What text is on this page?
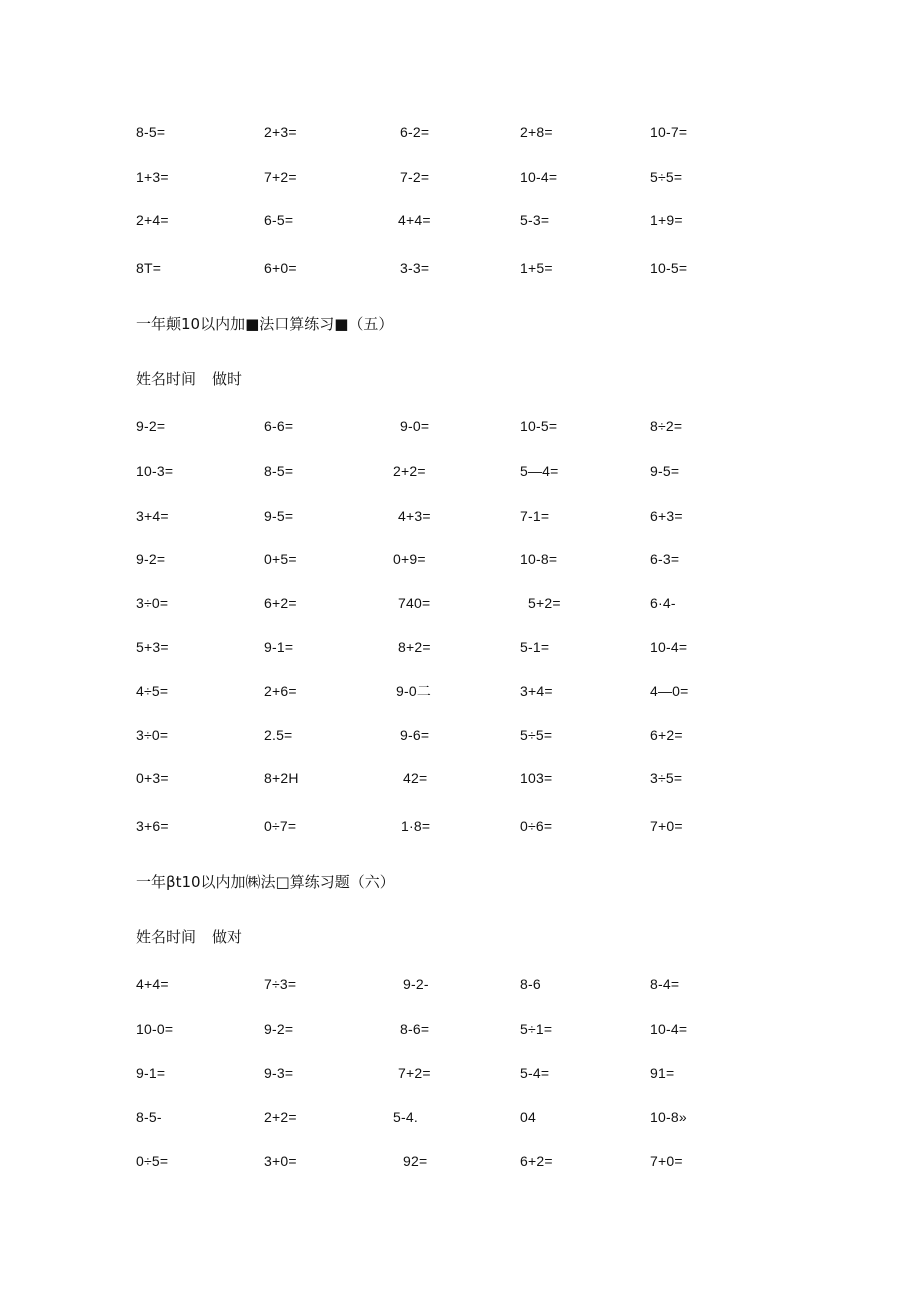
8-5=	2+3=	6-2=	2+8=	10-7=
1+3=	7+2=	7-2=	10-4=	5÷5=
2+4=	6-5=	4+4=	5-3=	1+9=
8T=	6+0=	3-3=	1+5=	10-5=
一年颠10以内加■法口算练习■（五）
姓名时间 做时
9-2=	6-6=	9-0=	10-5=	8÷2=
10-3=	8-5=	2+2=	5—4=	9-5=
3+4=	9-5=	4+3=	7-1=	6+3=
9-2=	0+5=	0+9=	10-8=	6-3=
3÷0=	6+2=	740=	5+2=	6·4-
5+3=	9-1=	8+2=	5-1=	10-4=
4÷5=	2+6=	9-0二	3+4=	4—0=
3÷0=	2.5=	9-6=	5÷5=	6+2=
0+3=	8+2H	42=	103=	3÷5=
3+6=	0÷7=	1·8=	0÷6=	7+0=
一年βt10以内加㈱法□算练习题（六）
姓名时间 做对
4+4=	7÷3=	9-2-	8-6	8-4=
10-0=	9-2=	8-6=	5÷1=	10-4=
9-1=	9-3=	7+2=	5-4=	91=
8-5-	2+2=	5-4.	04	10-8»
0÷5=	3+0=	92=	6+2=	7+0=
